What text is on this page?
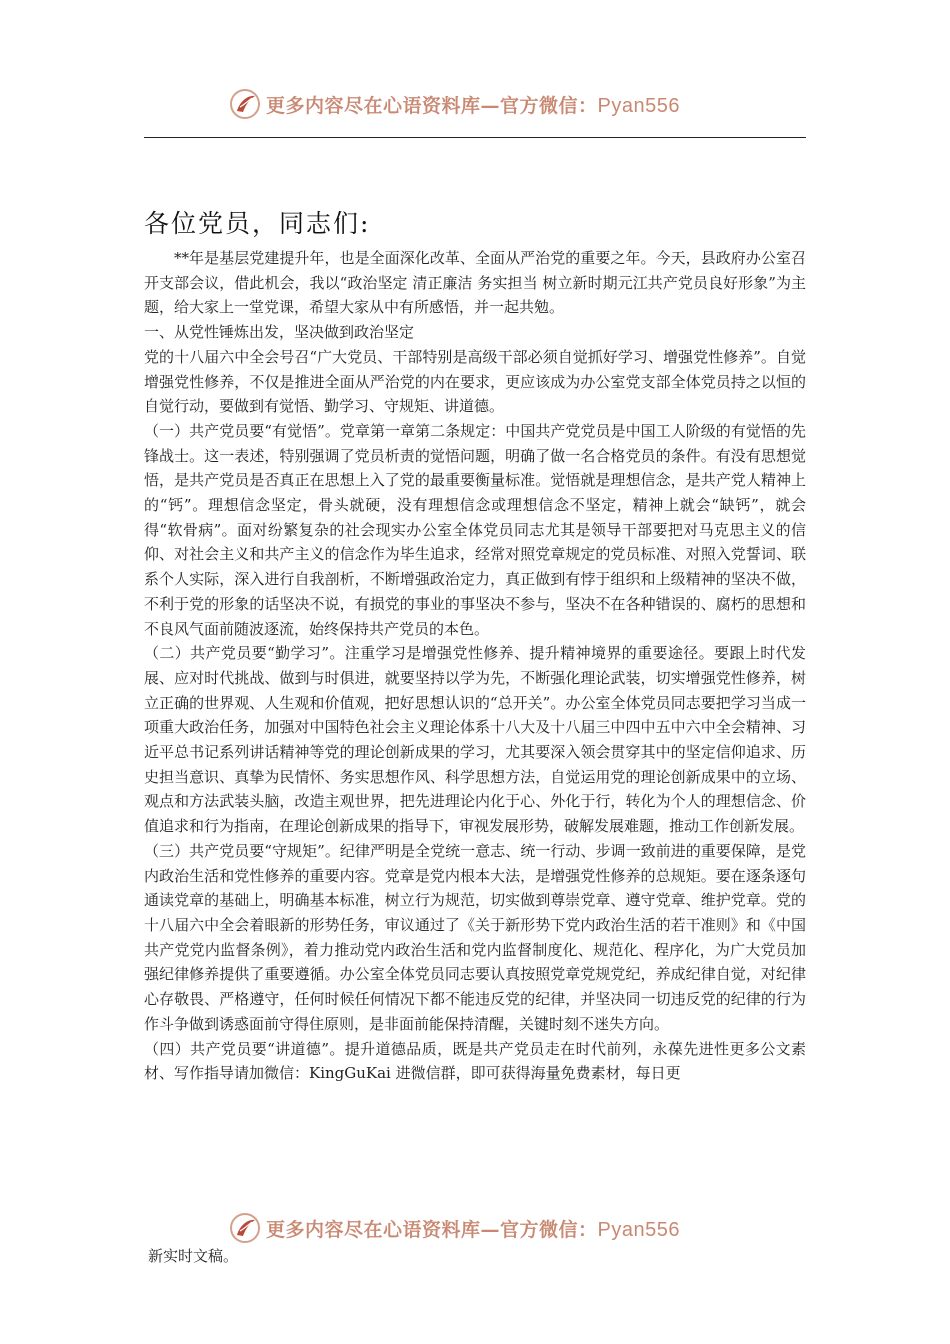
更多内容尽在心语资料库—官方微信：Pyan556
各位党员，同志们:

**年是基层党建提升年，也是全面深化改革、全面从严治党的重要之年。今天，县政府办公室召开支部会议，借此机会，我以“政治坚定 清正廉洁 务实担当 树立新时期元江共产党员良好形象”为主题，给大家上一堂党课，希望大家从中有所感悟，并一起共勉。

一、从党性锤炼出发，坚决做到政治坚定

党的十八届六中全会号召“广大党员、干部特别是高级干部必须自觉抓好学习、增强党性修养”。自觉增强党性修养，不仅是推进全面从严治党的内在要求，更应该成为办公室党支部全体党员持之以恒的自觉行动，要做到有觉悟、勤学习、守规矩、讲道德。

（一）共产党员要“有觉悟”。党章第一章第二条规定：中国共产党党员是中国工人阶级的有觉悟的先锋战士。这一表述，特别强调了党员析责的觉悟问题，明确了做一名合格党员的条件。有没有思想觉悟，是共产党员是否真正在思想上入了党的最重要衡量标准。觉悟就是理想信念，是共产党人精神上的“钙”。理想信念坚定，骨头就硬，没有理想信念或理想信念不坚定，精神上就会“缺钙”，就会得“软骨病”。面对纷繁复杂的社会现实办公室全体党员同志尤其是领导干部要把对马克思主义的信仰、对社会主义和共产主义的信念作为毕生追求，经常对照党章规定的党员标准、对照入党誓词、联系个人实际，深入进行自我剖析，不断增强政治定力，真正做到有悖于组织和上级精神的坚决不做，不利于党的形象的话坚决不说，有损党的事业的事坚决不参与，坚决不在各种错误的、腐朽的思想和不良风气面前随波逐流，始终保持共产党员的本色。

（二）共产党员要“勤学习”。注重学习是增强党性修养、提升精神境界的重要途径。要跟上时代发展、应对时代挑战、做到与时俱进，就要坚持以学为先，不断强化理论武装，切实增强党性修养，树立正确的世界观、人生观和价值观，把好思想认识的“总开关”。办公室全体党员同志要把学习当成一项重大政治任务，加强对中国特色社会主义理论体系十八大及十八届三中四中五中六中全会精神、习近平总书记系列讲话精神等党的理论创新成果的学习，尤其要深入领会贯穿其中的坚定信仰追求、历史担当意识、真挚为民情怀、务实思想作风、科学思想方法，自觉运用党的理论创新成果中的立场、观点和方法武装头脑，改造主观世界，把先进理论内化于心、外化于行，转化为个人的理想信念、价值追求和行为指南，在理论创新成果的指导下，审视发展形势，破解发展难题，推动工作创新发展。

（三）共产党员要“守规矩”。纪律严明是全党统一意志、统一行动、步调一致前进的重要保障，是党内政治生活和党性修养的重要内容。党章是党内根本大法，是增强党性修养的总规矩。要在逐条逐句通读党章的基础上，明确基本标准，树立行为规范，切实做到尊崇党章、遵守党章、维护党章。党的十八届六中全会着眼新的形势任务，审议通过了《关于新形势下党内政治生活的若干准则》和《中国共产党党内监督条例》，着力推动党内政治生活和党内监督制度化、规范化、程序化，为广大党员加强纪律修养提供了重要遵循。办公室全体党员同志要认真按照党章党规党纪，养成纪律自觉，对纪律心存敬畏、严格遵守，任何时候任何情况下都不能违反党的纪律，并坚决同一切违反党的纪律的行为作斗争做到诱惑面前守得住原则，是非面前能保持清醒，关键时刻不迷失方向。

（四）共产党员要“讲道德”。提升道德品质，既是共产党员走在时代前列，永葆先进性更多公文素材、写作指导请加微信：KingGuKai 进微信群，即可获得海量免费素材，每日更

更多内容尽在心语资料库—官方微信：Pyan556
新实时文稿。
